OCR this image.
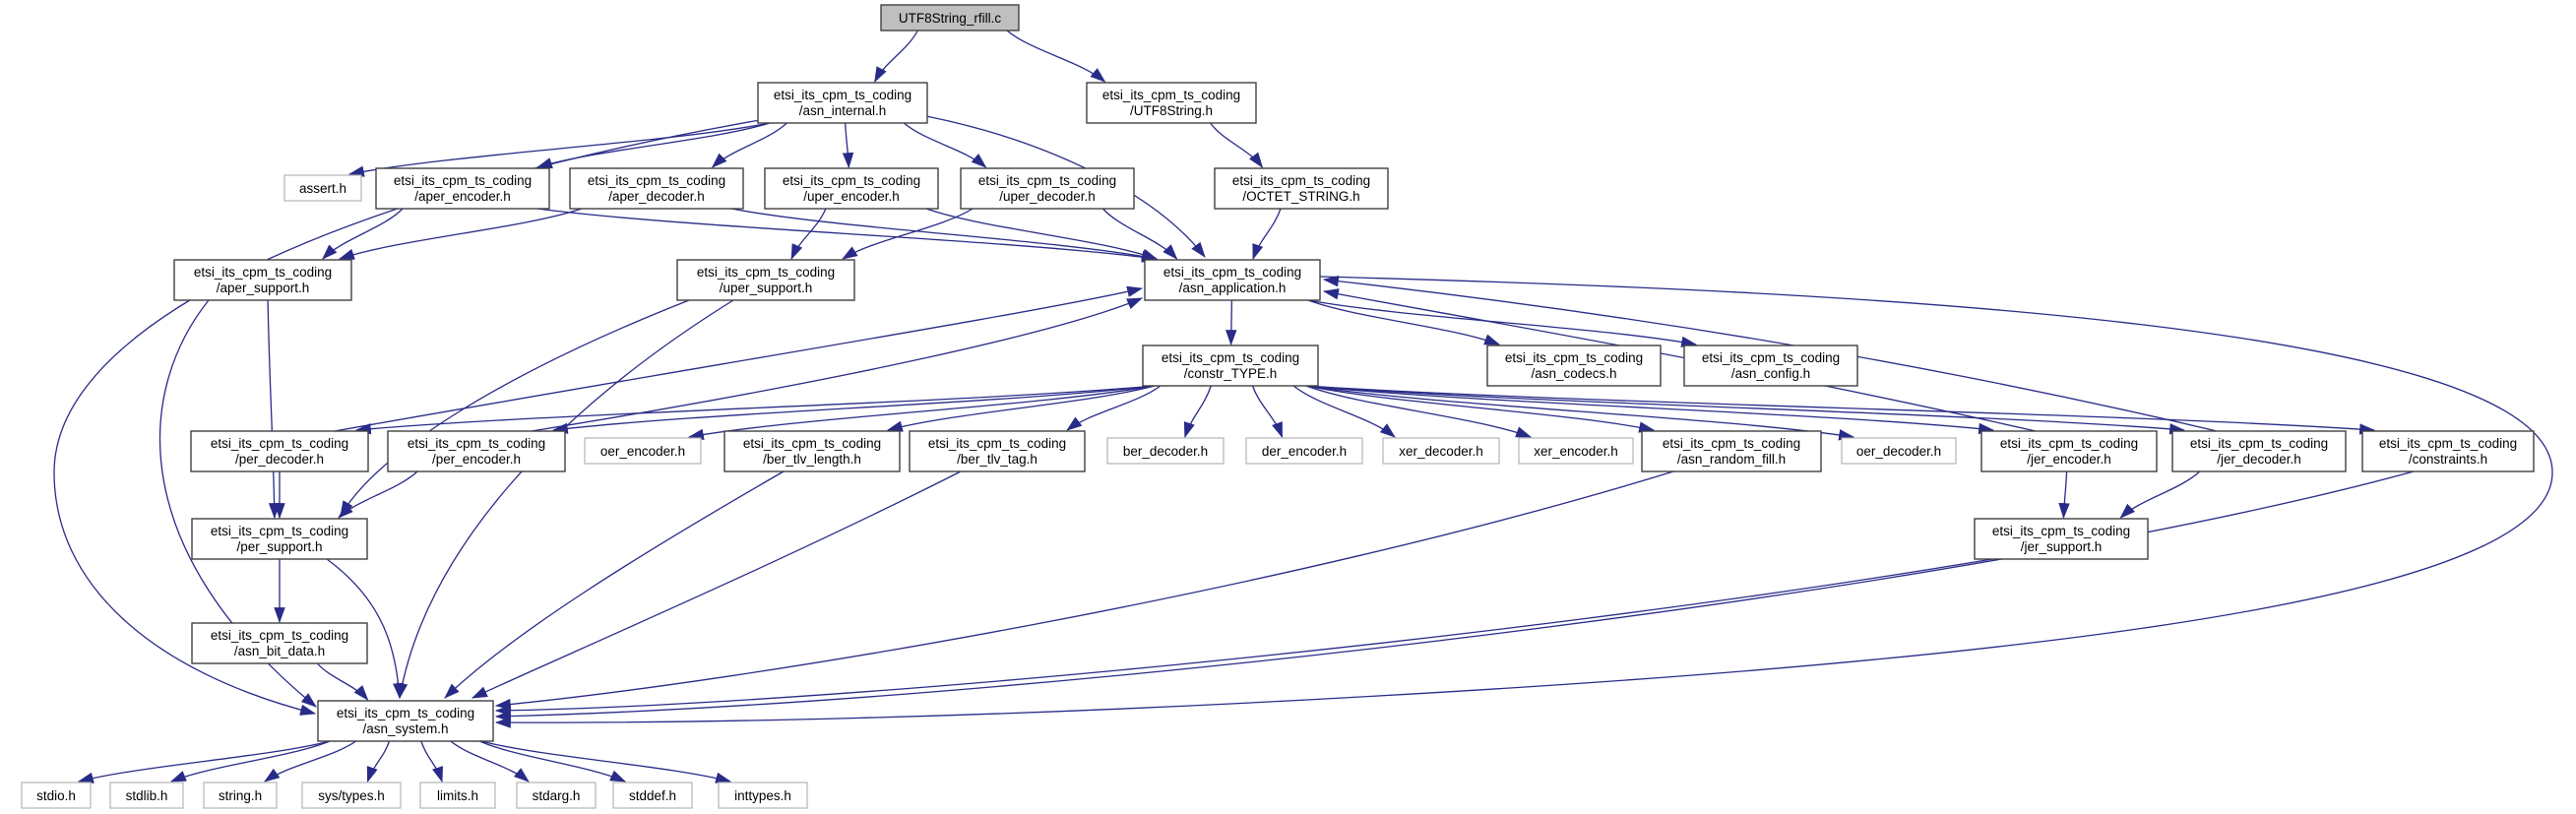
UTF8String_rfill.c
etsi_its_cpm_ts_coding
/asn_internal.h
etsi_its_cpm_ts_coding
/UTF8String.h
assert.h
etsi_its_cpm_ts_coding
/aper_encoder.h
etsi_its_cpm_ts_coding
/aper_decoder.h
etsi_its_cpm_ts_coding
/uper_encoder.h
etsi_its_cpm_ts_coding
/uper_decoder.h
etsi_its_cpm_ts_coding
/OCTET_STRING.h
etsi_its_cpm_ts_coding
/aper_support.h
etsi_its_cpm_ts_coding
/uper_support.h
etsi_its_cpm_ts_coding
/asn_application.h
etsi_its_cpm_ts_coding
/constr_TYPE.h
etsi_its_cpm_ts_coding
/asn_codecs.h
etsi_its_cpm_ts_coding
/asn_config.h
etsi_its_cpm_ts_coding
/per_decoder.h
etsi_its_cpm_ts_coding
/per_encoder.h
oer_encoder.h
etsi_its_cpm_ts_coding
/ber_tlv_length.h
etsi_its_cpm_ts_coding
/ber_tlv_tag.h
ber_decoder.h	der_encoder.h	xer_decoder.h	xer_encoder.h
etsi_its_cpm_ts_coding
/asn_random_fill.h
oer_decoder.h
etsi_its_cpm_ts_coding
/jer_encoder.h
etsi_its_cpm_ts_coding
/jer_decoder.h
etsi_its_cpm_ts_coding
/constraints.h
etsi_its_cpm_ts_coding
/per_support.h
etsi_its_cpm_ts_coding
/jer_support.h
etsi_its_cpm_ts_coding
/asn_bit_data.h
etsi_its_cpm_ts_coding
/asn_system.h
stdio.h	stdlib.h	string.h	sys/types.h	limits.h	stdarg.h	stddef.h	inttypes.h
